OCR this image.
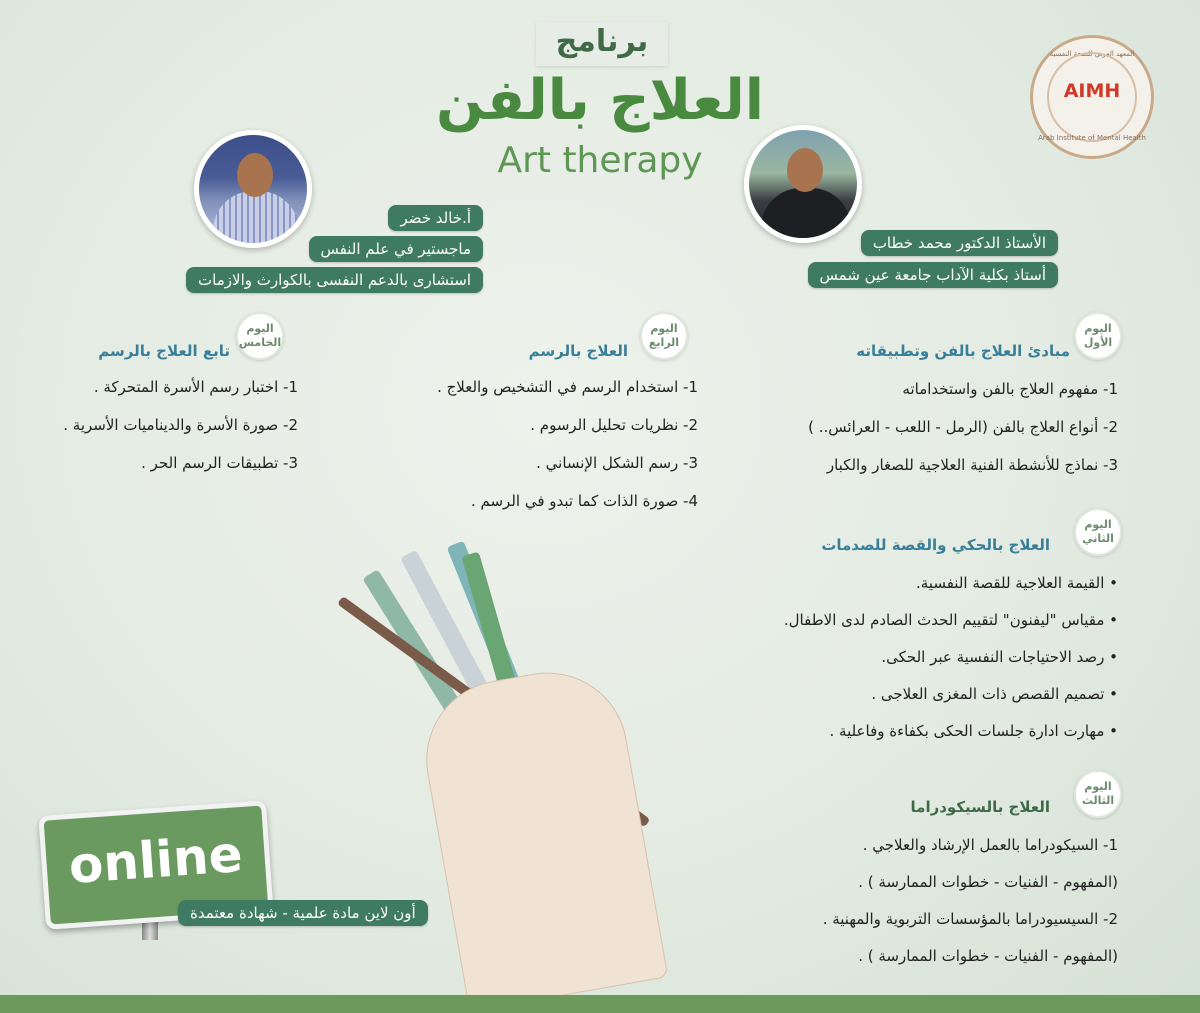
برنامج
العلاج بالفن
Art therapy
المعهد العربي للصحة النفسية
AIMH
Arab Institute of Mental Health
أ.خالد خضر
ماجستير في علم النفس
استشارى بالدعم النفسى بالكوارث والازمات
الأستاذ الدكتور محمد خطاب
أستاذ بكلية الآداب جامعة عين شمس
اليوم
الأول
مبادئ العلاج بالفن وتطبيقاته
1- مفهوم العلاج بالفن واستخداماته
2- أنواع العلاج بالفن (الرمل - اللعب - العرائس.. )
3- نماذج للأنشطة الفنية العلاجية للصغار والكبار
اليوم
الثاني
العلاج بالحكي والقصة للصدمات
• القيمة العلاجية للقصة النفسية.
• مقياس "ليفنون" لتقييم الحدث الصادم لدى الاطفال.
• رصد الاحتياجات النفسية عبر الحكى.
• تصميم القصص ذات المغزى العلاجى .
• مهارت ادارة جلسات الحكى بكفاءة وفاعلية .
اليوم
الثالث
العلاج بالسيكودراما
1- السيكودراما بالعمل الإرشاد والعلاجي .
(المفهوم - الفنيات - خطوات الممارسة ) .
2- السيسيودراما بالمؤسسات التربوية والمهنية .
(المفهوم - الفنيات - خطوات الممارسة ) .
اليوم
الرابع
العلاج بالرسم
1- استخدام الرسم في التشخيص والعلاج .
2- نظريات تحليل الرسوم .
3- رسم الشكل الإنساني .
4- صورة الذات كما تبدو في الرسم .
اليوم
الخامس
تابع العلاج بالرسم
1- اختبار رسم الأسرة المتحركة .
2- صورة الأسرة والديناميات الأسرية .
3- تطبيقات الرسم الحر .
online
أون لاين مادة علمية - شهادة معتمدة
